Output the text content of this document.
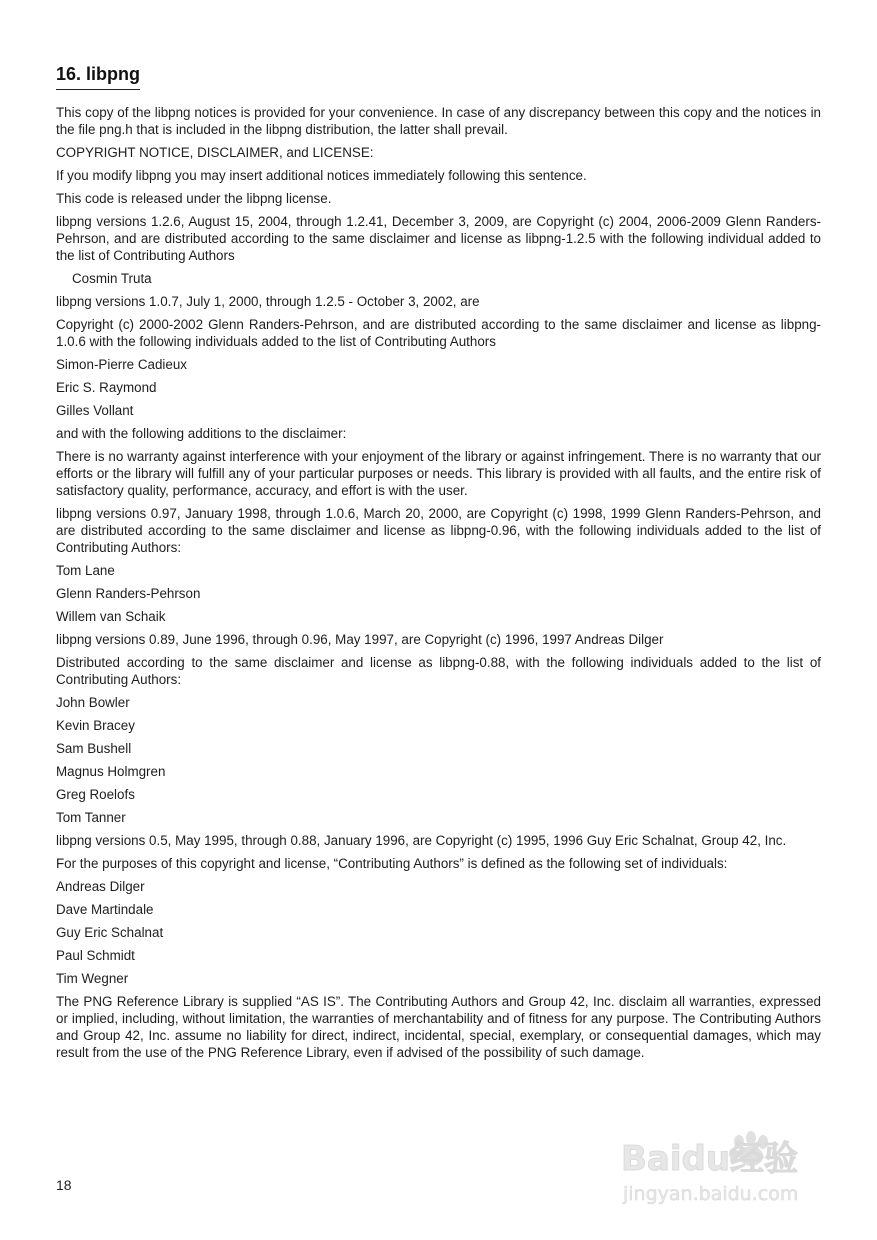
16. libpng

This copy of the libpng notices is provided for your convenience. In case of any discrepancy between this copy and the notices in the file png.h that is included in the libpng distribution, the latter shall prevail.

COPYRIGHT NOTICE, DISCLAIMER, and LICENSE:

If you modify libpng you may insert additional notices immediately following this sentence.

This code is released under the libpng license.

libpng versions 1.2.6, August 15, 2004, through 1.2.41, December 3, 2009, are Copyright (c) 2004, 2006-2009 Glenn Randers-Pehrson, and are distributed according to the same disclaimer and license as libpng-1.2.5 with the following individual added to the list of Contributing Authors

Cosmin Truta

libpng versions 1.0.7, July 1, 2000, through 1.2.5 - October 3, 2002, are

Copyright (c) 2000-2002 Glenn Randers-Pehrson, and are distributed according to the same disclaimer and license as libpng-1.0.6 with the following individuals added to the list of Contributing Authors

Simon-Pierre Cadieux

Eric S. Raymond

Gilles Vollant

and with the following additions to the disclaimer:

There is no warranty against interference with your enjoyment of the library or against infringement. There is no warranty that our efforts or the library will fulfill any of your particular purposes or needs. This library is provided with all faults, and the entire risk of satisfactory quality, performance, accuracy, and effort is with the user.

libpng versions 0.97, January 1998, through 1.0.6, March 20, 2000, are Copyright (c) 1998, 1999 Glenn Randers-Pehrson, and are distributed according to the same disclaimer and license as libpng-0.96, with the following individuals added to the list of Contributing Authors:

Tom Lane

Glenn Randers-Pehrson

Willem van Schaik

libpng versions 0.89, June 1996, through 0.96, May 1997, are Copyright (c) 1996, 1997 Andreas Dilger

Distributed according to the same disclaimer and license as libpng-0.88, with the following individuals added to the list of Contributing Authors:

John Bowler

Kevin Bracey

Sam Bushell

Magnus Holmgren

Greg Roelofs

Tom Tanner

libpng versions 0.5, May 1995, through 0.88, January 1996, are Copyright (c) 1995, 1996 Guy Eric Schalnat, Group 42, Inc.

For the purposes of this copyright and license, “Contributing Authors” is defined as the following set of individuals:

Andreas Dilger

Dave Martindale

Guy Eric Schalnat

Paul Schmidt

Tim Wegner

The PNG Reference Library is supplied “AS IS”. The Contributing Authors and Group 42, Inc. disclaim all warranties, expressed or implied, including, without limitation, the warranties of merchantability and of fitness for any purpose. The Contributing Authors and Group 42, Inc. assume no liability for direct, indirect, incidental, special, exemplary, or consequential damages, which may result from the use of the PNG Reference Library, even if advised of the possibility of such damage.

18
Baidu经验
jingyan.baidu.com
